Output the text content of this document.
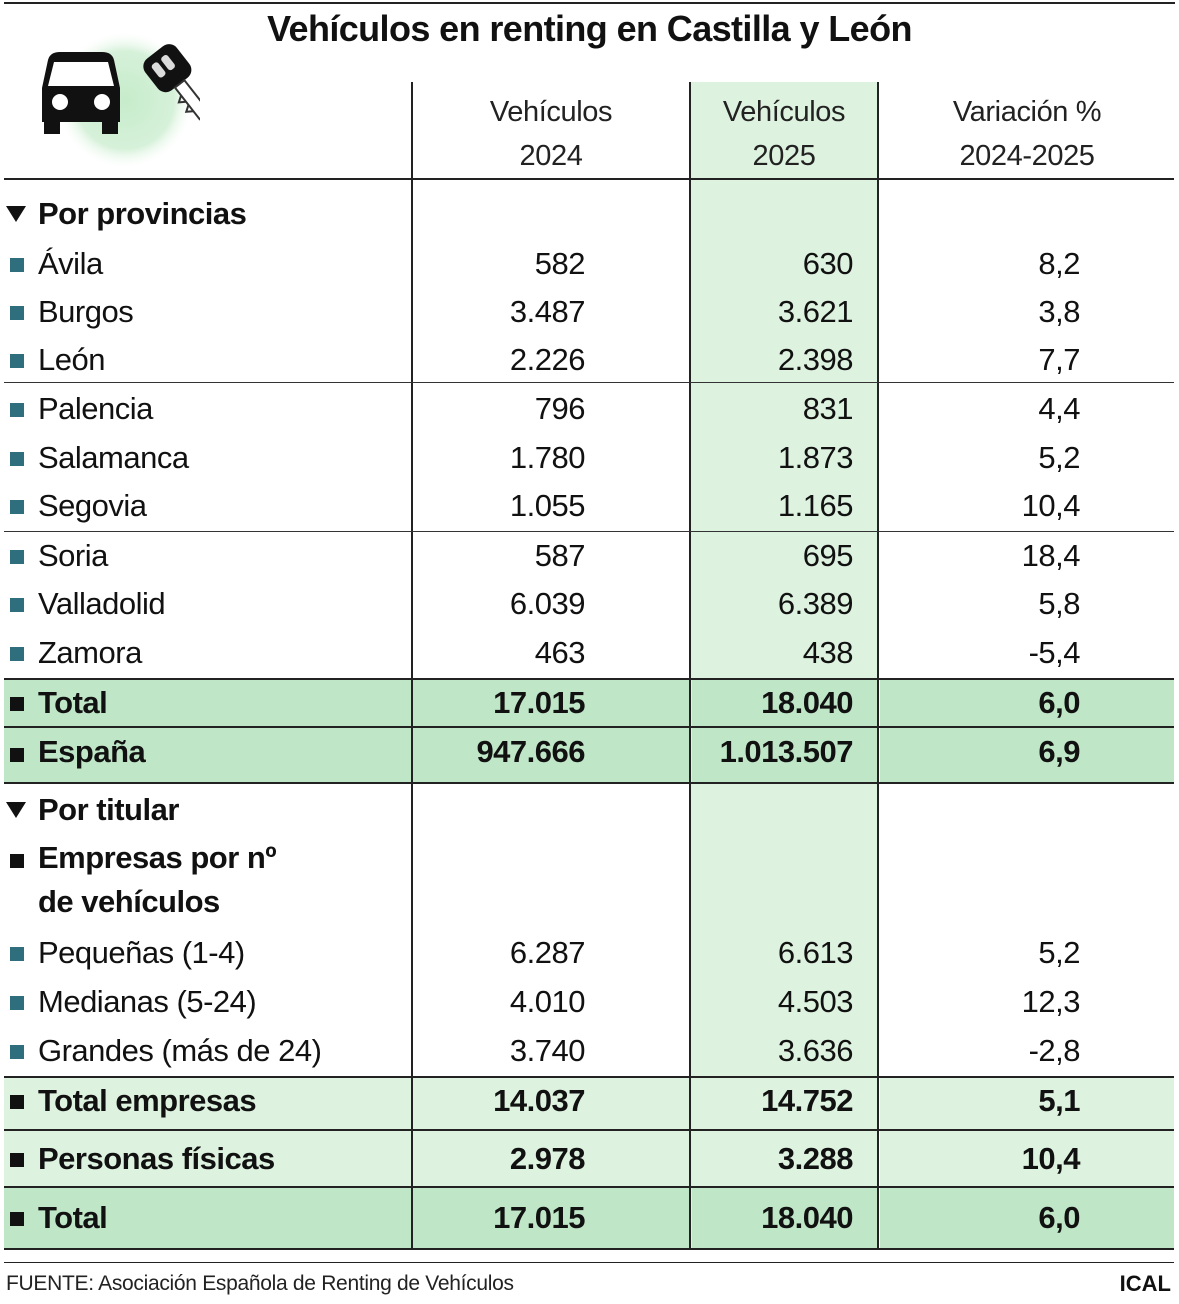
Vehículos en renting en Castilla y León
Vehículos
2024
Vehículos
2025
Variación %
2024-2025
Por provincias
Ávila	582	630	8,2
Burgos	3.487	3.621	3,8
León	2.226	2.398	7,7
Palencia	796	831	4,4
Salamanca	1.780	1.873	5,2
Segovia	1.055	1.165	10,4
Soria	587	695	18,4
Valladolid	6.039	6.389	5,8
Zamora	463	438	-5,4
Total	17.015	18.040	6,0
España	947.666	1.013.507	6,9
Por titular
Empresas por nº
de vehículos
Pequeñas (1-4)	6.287	6.613	5,2
Medianas (5-24)	4.010	4.503	12,3
Grandes (más de 24)	3.740	3.636	-2,8
Total empresas	14.037	14.752	5,1
Personas físicas	2.978	3.288	10,4
Total	17.015	18.040	6,0
FUENTE: Asociación Española de Renting de Vehículos	ICAL
